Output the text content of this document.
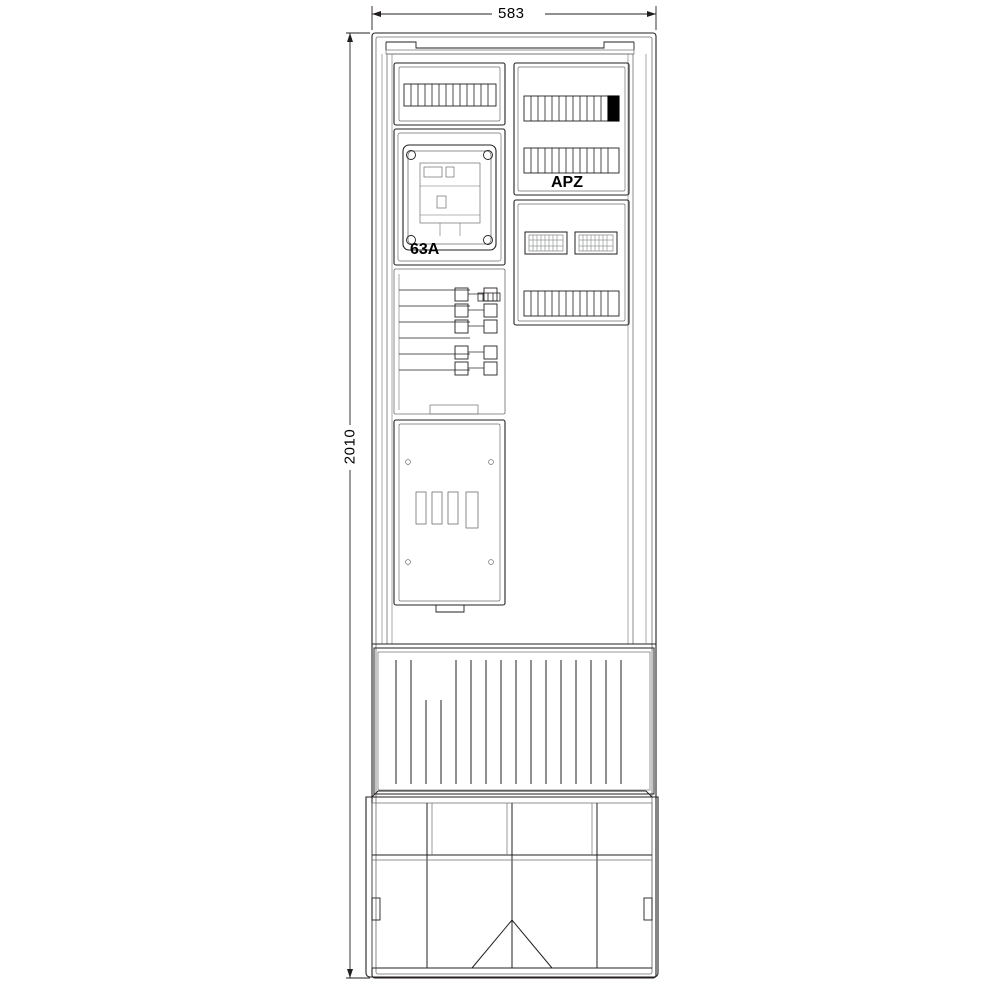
583
2010
APZ
63A
